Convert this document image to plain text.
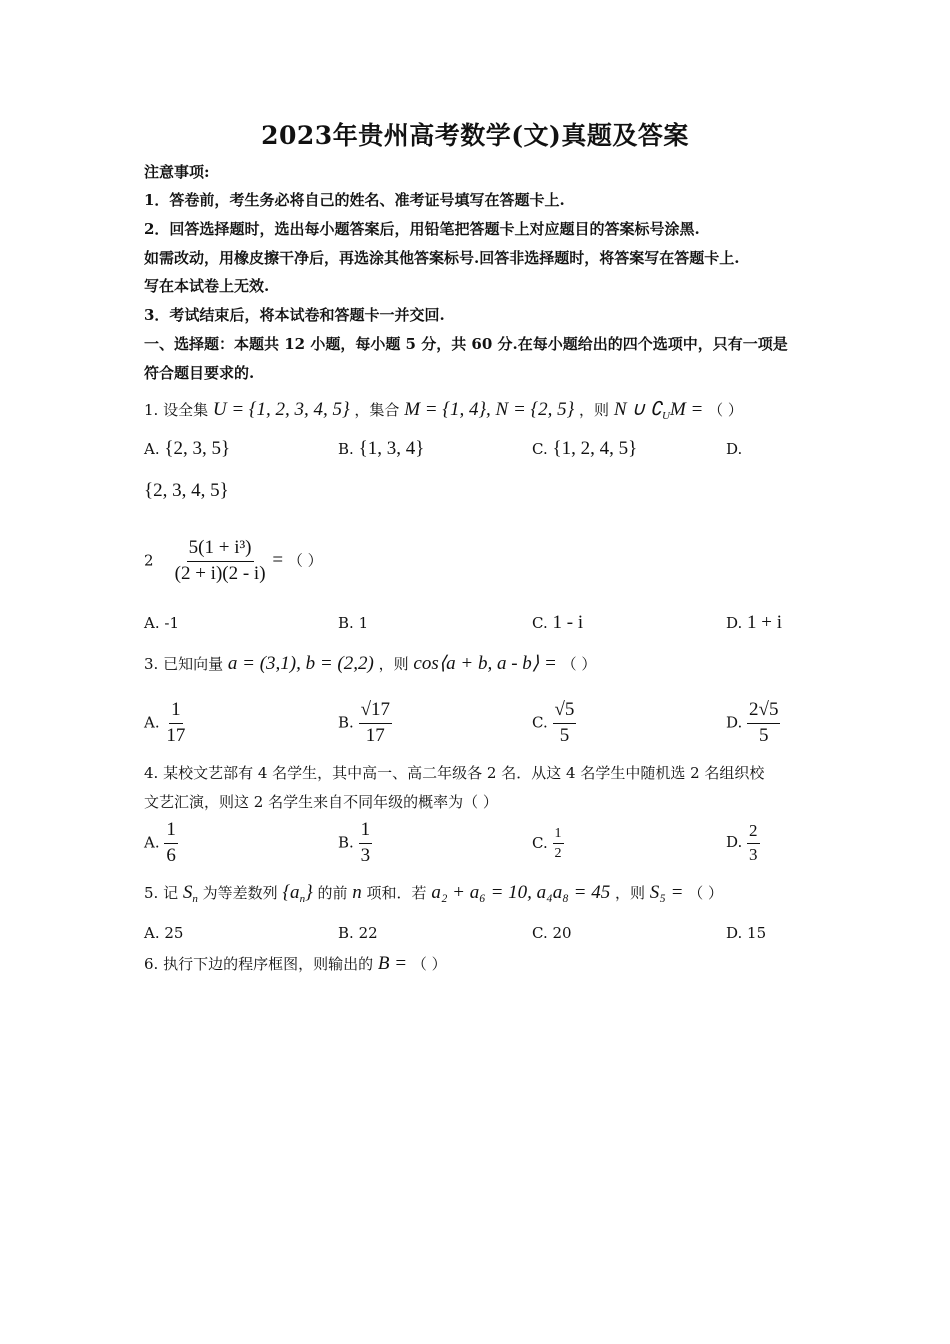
2023年贵州高考数学(文)真题及答案
注意事项:
1．答卷前，考生务必将自己的姓名、准考证号填写在答题卡上.
2．回答选择题时，选出每小题答案后，用铅笔把答题卡上对应题目的答案标号涂黑.
如需改动，用橡皮擦干净后，再选涂其他答案标号.回答非选择题时，将答案写在答题卡上.
写在本试卷上无效.
3．考试结束后，将本试卷和答题卡一并交回.
一、选择题：本题共 12 小题，每小题 5 分，共 60 分.在每小题给出的四个选项中，只有一项是
符合题目要求的.
1. 设全集 U = {1, 2, 3, 4, 5} ，集合 M = {1, 4}, N = {2, 5} ，则 N ∪ $∁_UM$ = （ ）
A. {2, 3, 5}	B. {1, 3, 4}	C. {1, 2, 4, 5}	D.
{2, 3, 4, 5}
$2 \frac{\text{5(1 + i³)}}{(2 + i)(2 - i)}$ = （ ）
A. -1	B. 1	C. 1 - i	D. 1 + i
3. 已知向量 a = (3,1), b = (2,2) ，则 cos⟨a + b, a - b⟩ = （ ）
A. $\frac{1}{17}$	B. $\frac{√17}{17}$	C. $\frac{√5}{5}$	D. $\frac{2√5}{5}$
4. 某校文艺部有 4 名学生，其中高一、高二年级各 2 名．从这 4 名学生中随机选 2 名组织校
文艺汇演，则这 2 名学生来自不同年级的概率为（ ）
A. $\frac{1}{6}$	B. $\frac{1}{3}$	C. $\frac{1}{2}$	D. $\frac{2}{3}$
5. 记 $S_n$ 为等差数列 $\{a_n\}$ 的前 n 项和．若 a₂ + a₆ = 10, a₄a₈ = 45 ，则 S₅ = （ ）
A. 25	B. 22	C. 20	D. 15
6. 执行下边的程序框图，则输出的 B = （ ）
